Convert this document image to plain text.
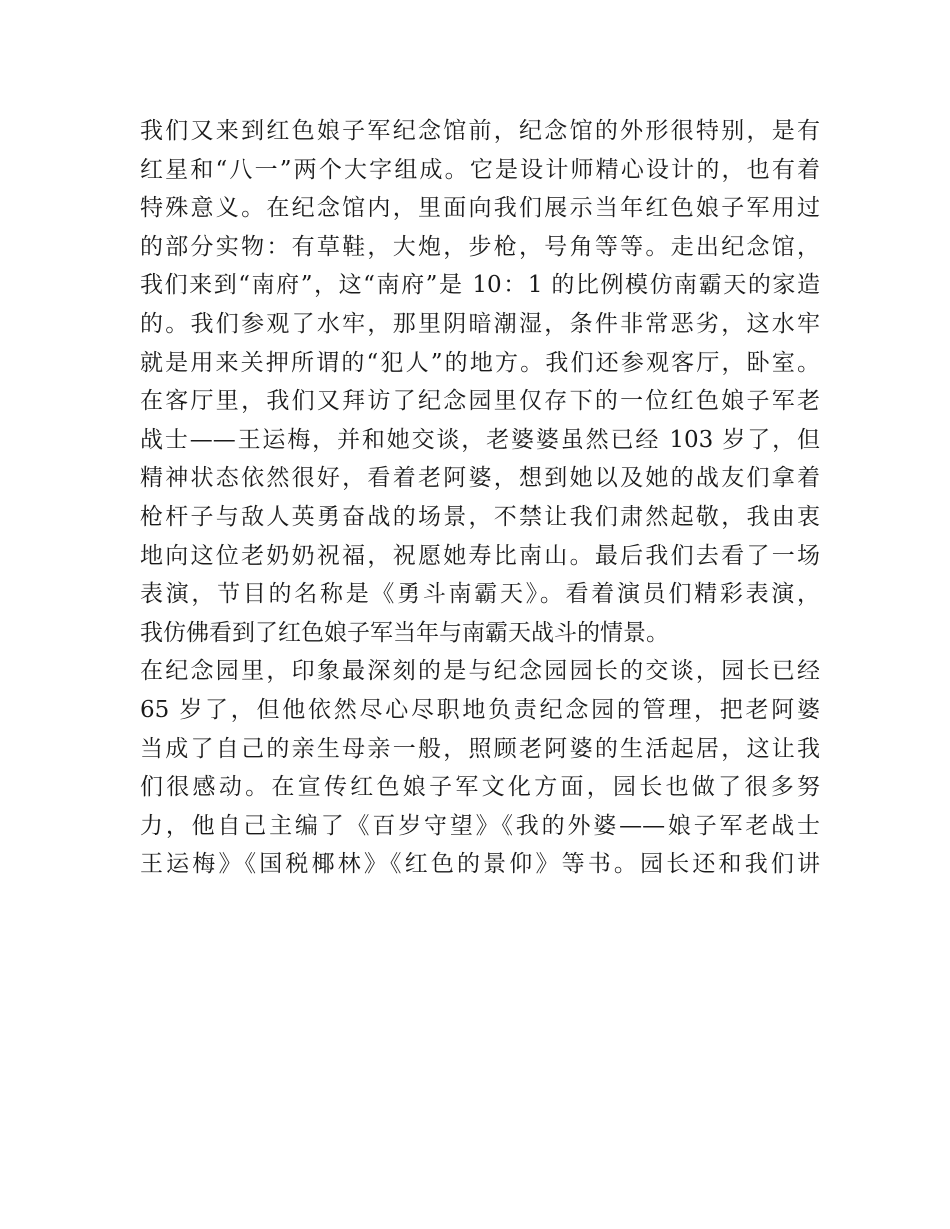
我们又来到红色娘子军纪念馆前，纪念馆的外形很特别，是有
红星和“八一”两个大字组成。它是设计师精心设计的，也有着
特殊意义。在纪念馆内，里面向我们展示当年红色娘子军用过
的部分实物：有草鞋，大炮，步枪，号角等等。走出纪念馆，
我们来到“南府”，这“南府”是 10：1 的比例模仿南霸天的家造
的。我们参观了水牢，那里阴暗潮湿，条件非常恶劣，这水牢
就是用来关押所谓的“犯人”的地方。我们还参观客厅，卧室。
在客厅里，我们又拜访了纪念园里仅存下的一位红色娘子军老
战士——王运梅，并和她交谈，老婆婆虽然已经 103 岁了，但
精神状态依然很好，看着老阿婆，想到她以及她的战友们拿着
枪杆子与敌人英勇奋战的场景，不禁让我们肃然起敬，我由衷
地向这位老奶奶祝福，祝愿她寿比南山。最后我们去看了一场
表演，节目的名称是《勇斗南霸天》。看着演员们精彩表演，
我仿佛看到了红色娘子军当年与南霸天战斗的情景。
在纪念园里，印象最深刻的是与纪念园园长的交谈，园长已经
65 岁了，但他依然尽心尽职地负责纪念园的管理，把老阿婆
当成了自己的亲生母亲一般，照顾老阿婆的生活起居，这让我
们很感动。在宣传红色娘子军文化方面，园长也做了很多努
力，他自己主编了《百岁守望》《我的外婆——娘子军老战士
王运梅》《国税椰林》《红色的景仰》等书。园长还和我们讲
